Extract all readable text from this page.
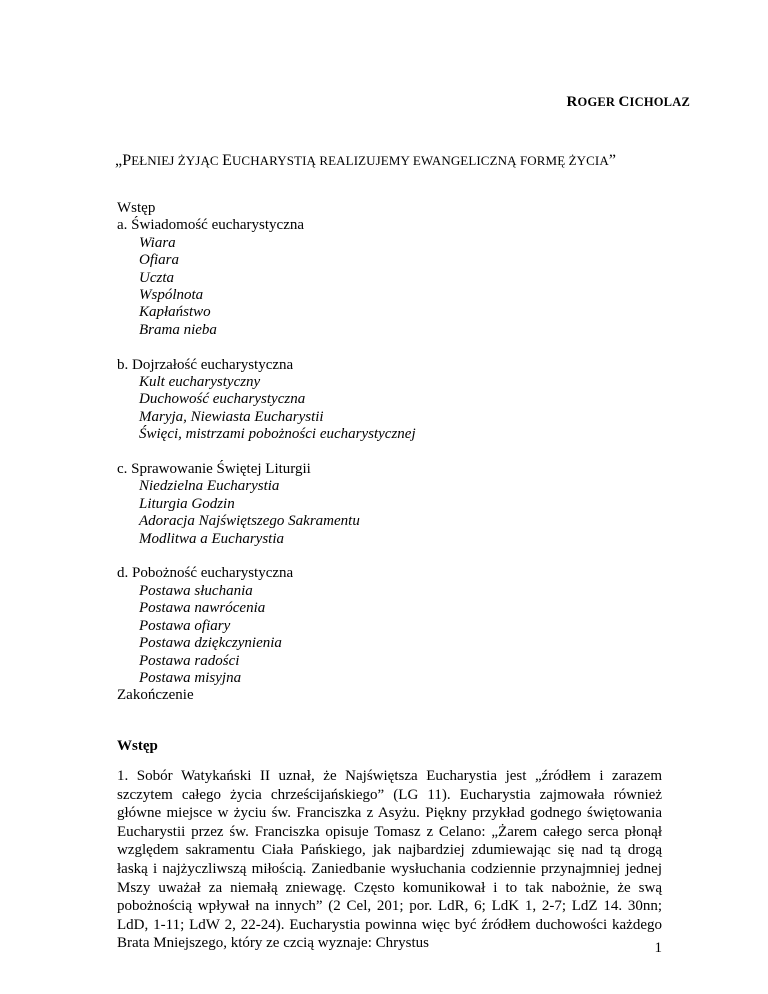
ROGER CICHOLAZ
„PEŁNIEJ ŻYJĄC EUCHARYSTIĄ REALIZUJEMY EWANGELICZNĄ FORMĘ ŻYCIA”
Wstęp
a. Świadomość eucharystyczna
Wiara
Ofiara
Uczta
Wspólnota
Kapłaństwo
Brama nieba
b. Dojrzałość eucharystyczna
Kult eucharystyczny
Duchowość eucharystyczna
Maryja, Niewiasta Eucharystii
Święci, mistrzami pobożności eucharystycznej
c. Sprawowanie Świętej Liturgii
Niedzielna Eucharystia
Liturgia Godzin
Adoracja Najświętszego Sakramentu
Modlitwa a Eucharystia
d. Pobożność eucharystyczna
Postawa słuchania
Postawa nawrócenia
Postawa ofiary
Postawa dziękczynienia
Postawa radości
Postawa misyjna
Zakończenie
Wstęp

1. Sobór Watykański II uznał, że Najświętsza Eucharystia jest „źródłem i zarazem szczytem całego życia chrześcijańskiego” (LG 11). Eucharystia zajmowała również główne miejsce w życiu św. Franciszka z Asyżu. Piękny przykład godnego świętowania Eucharystii przez św. Franciszka opisuje Tomasz z Celano: „Żarem całego serca płonął względem sakramentu Ciała Pańskiego, jak najbardziej zdumiewając się nad tą drogą łaską i najżyczliwszą miłością. Zaniedbanie wysłuchania codziennie przynajmniej jednej Mszy uważał za niemałą zniewagę. Często komunikował i to tak nabożnie, że swą pobożnością wpływał na innych” (2 Cel, 201; por. LdR, 6; LdK 1, 2-7; LdZ 14. 30nn; LdD, 1-11; LdW 2, 22-24). Eucharystia powinna więc być źródłem duchowości każdego Brata Mniejszego, który ze czcią wyznaje: Chrystus	1
